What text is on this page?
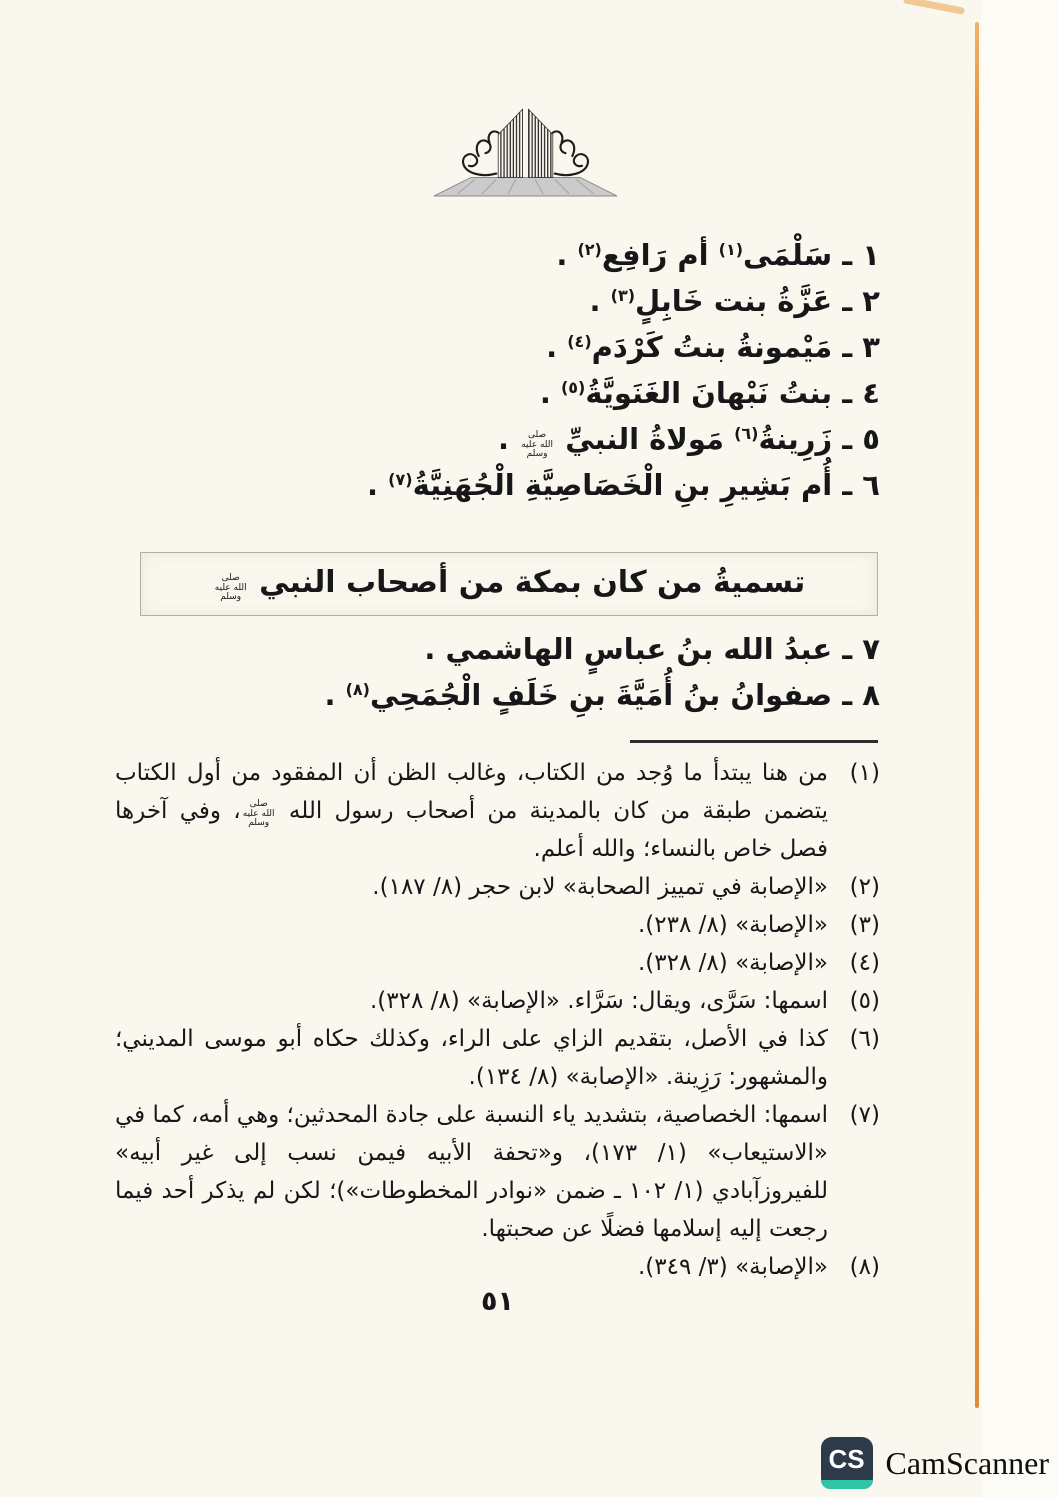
١ ـ سَلْمَى$^{(١)}$ أم رَافِع$^{(٢)}$ .
٢ ـ عَزَّةُ بنت خَابِلٍ$^{(٣)}$ .
٣ ـ مَيْمونةُ بنتُ كَرْدَم$^{(٤)}$ .
٤ ـ بنتُ نَبْهانَ الغَنَويَّةُ$^{(٥)}$ .
٥ ـ زَرِينةُ$^{(٦)}$ مَولاةُ النبيِّ صلى الله عليه وسلم .
٦ ـ أُم بَشِيرِ بنِ الْخَصَاصِيَّةِ الْجُهَنِيَّةُ$^{(٧)}$ .
تسميةُ من كان بمكة من أصحاب النبي صلى الله عليه وسلم
٧ ـ عبدُ الله بنُ عباسٍ الهاشمي .
٨ ـ صفوانُ بنُ أُمَيَّةَ بنِ خَلَفٍ الْجُمَحِي$^{(٨)}$ .
(١)
من هنا يبتدأ ما وُجد من الكتاب، وغالب الظن أن المفقود من أول الكتاب يتضمن طبقة من كان بالمدينة من أصحاب رسول الله صلى الله عليه وسلم، وفي آخرها فصل خاص بالنساء؛ والله أعلم.
(٢)
«الإصابة في تمييز الصحابة» لابن حجر (٨/ ١٨٧).
(٣)
«الإصابة» (٨/ ٢٣٨).
(٤)
«الإصابة» (٨/ ٣٢٨).
(٥)
اسمها: سَرَّى، ويقال: سَرَّاء. «الإصابة» (٨/ ٣٢٨).
(٦)
كذا في الأصل، بتقديم الزاي على الراء، وكذلك حكاه أبو موسى المديني؛ والمشهور: رَزِينة. «الإصابة» (٨/ ١٣٤).
(٧)
اسمها: الخصاصية، بتشديد ياء النسبة على جادة المحدثين؛ وهي أمه، كما في «الاستيعاب» (١/ ١٧٣)، و«تحفة الأبيه فيمن نسب إلى غير أبيه» للفيروزآبادي (١/ ١٠٢ ـ ضمن «نوادر المخطوطات»)؛ لكن لم يذكر أحد فيما رجعت إليه إسلامها فضلًا عن صحبتها.
(٨)
«الإصابة» (٣/ ٣٤٩).
٥١
CS CamScanner
